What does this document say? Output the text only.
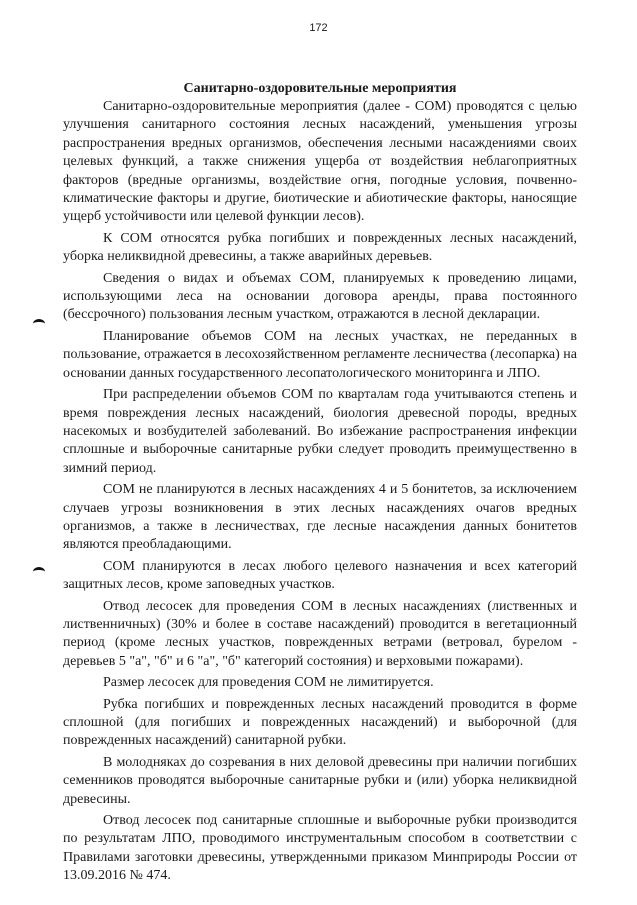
172

Санитарно-оздоровительные мероприятия

Санитарно-оздоровительные мероприятия (далее - СОМ) проводятся с целью улучшения санитарного состояния лесных насаждений, уменьшения угрозы распространения вредных организмов, обеспечения лесными насаждениями своих целевых функций, а также снижения ущерба от воздействия неблагоприятных факторов (вредные организмы, воздействие огня, погодные условия, почвенно-климатические факторы и другие, биотические и абиотические факторы, наносящие ущерб устойчивости или целевой функции лесов).

К СОМ относятся рубка погибших и поврежденных лесных насаждений, уборка неликвидной древесины, а также аварийных деревьев.

Сведения о видах и объемах СОМ, планируемых к проведению лицами, использующими леса на основании договора аренды, права постоянного (бессрочного) пользования лесным участком, отражаются в лесной декларации.

Планирование объемов СОМ на лесных участках, не переданных в пользование, отражается в лесохозяйственном регламенте лесничества (лесопарка) на основании данных государственного лесопатологического мониторинга и ЛПО.

При распределении объемов СОМ по кварталам года учитываются степень и время повреждения лесных насаждений, биология древесной породы, вредных насекомых и возбудителей заболеваний. Во избежание распространения инфекции сплошные и выборочные санитарные рубки следует проводить преимущественно в зимний период.

СОМ не планируются в лесных насаждениях 4 и 5 бонитетов, за исключением случаев угрозы возникновения в этих лесных насаждениях очагов вредных организмов, а также в лесничествах, где лесные насаждения данных бонитетов являются преобладающими.

СОМ планируются в лесах любого целевого назначения и всех категорий защитных лесов, кроме заповедных участков.

Отвод лесосек для проведения СОМ в лесных насаждениях (лиственных и лиственничных) (30% и более в составе насаждений) проводится в вегетационный период (кроме лесных участков, поврежденных ветрами (ветровал, бурелом - деревьев 5 "а", "б" и 6 "а", "б" категорий состояния) и верховыми пожарами).

Размер лесосек для проведения СОМ не лимитируется.

Рубка погибших и поврежденных лесных насаждений проводится в форме сплошной (для погибших и поврежденных насаждений) и выборочной (для поврежденных насаждений) санитарной рубки.

В молодняках до созревания в них деловой древесины при наличии погибших семенников проводятся выборочные санитарные рубки и (или) уборка неликвидной древесины.

Отвод лесосек под санитарные сплошные и выборочные рубки производится по результатам ЛПО, проводимого инструментальным способом в соответствии с Правилами заготовки древесины, утвержденными приказом Минприроды России от 13.09.2016 № 474.
